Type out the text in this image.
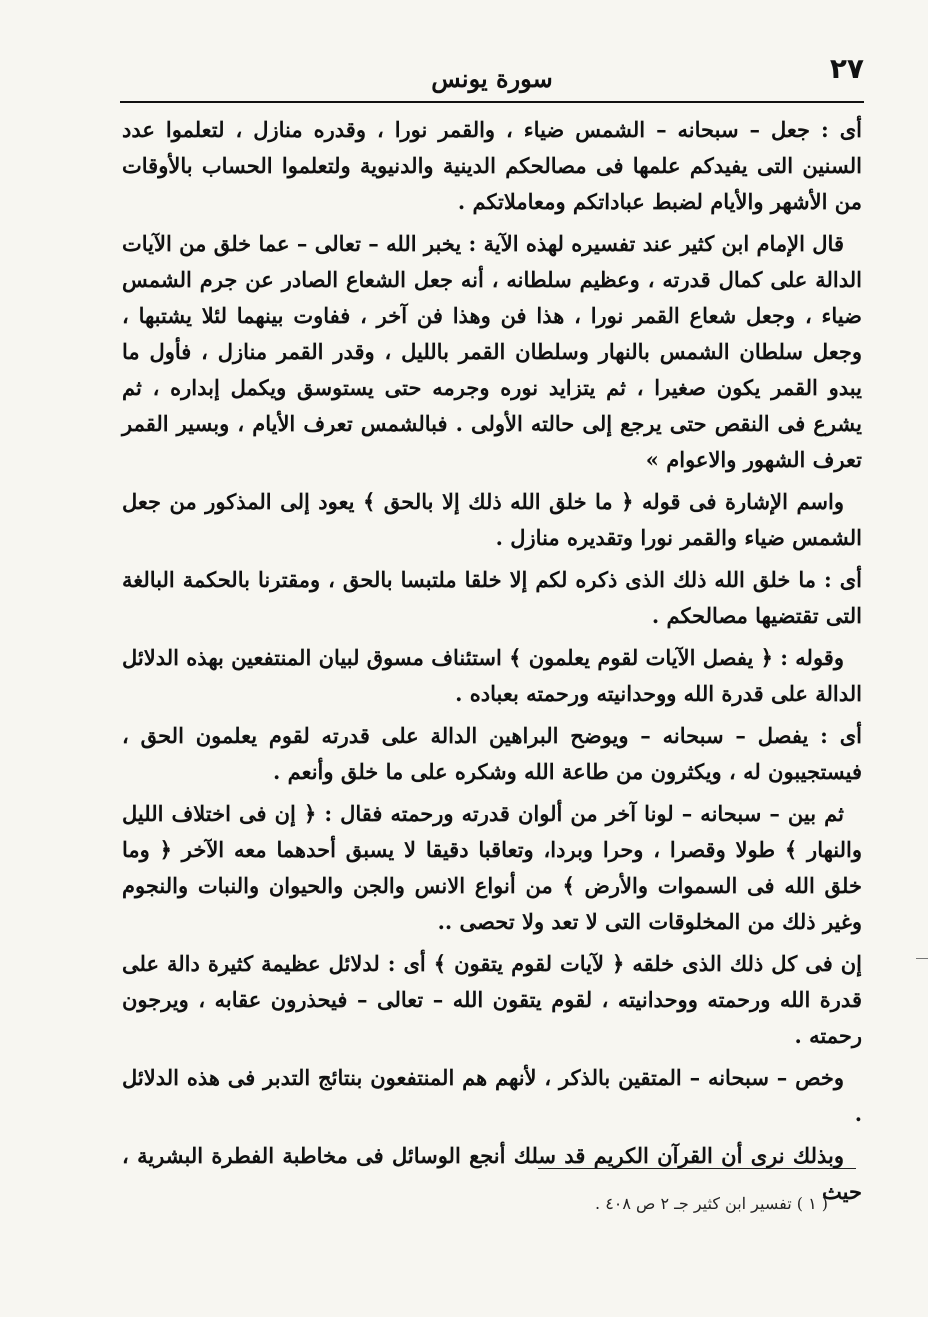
٢٧
سورة يونس

أى : جعل – سبحانه – الشمس ضياء ، والقمر نورا ، وقدره منازل ، لتعلموا عدد السنين التى يفيدكم علمها فى مصالحكم الدينية والدنيوية ولتعلموا الحساب بالأوقات من الأشهر والأيام لضبط عباداتكم ومعاملاتكم .

قال الإمام ابن كثير عند تفسيره لهذه الآية : يخبر الله – تعالى – عما خلق من الآيات الدالة على كمال قدرته ، وعظيم سلطانه ، أنه جعل الشعاع الصادر عن جرم الشمس ضياء ، وجعل شعاع القمر نورا ، هذا فن وهذا فن آخر ، ففاوت بينهما لئلا يشتبها ، وجعل سلطان الشمس بالنهار وسلطان القمر بالليل ، وقدر القمر منازل ، فأول ما يبدو القمر يكون صغيرا ، ثم يتزايد نوره وجرمه حتى يستوسق ويكمل إبداره ، ثم يشرع فى النقص حتى يرجع إلى حالته الأولى . فبالشمس تعرف الأيام ، وبسير القمر تعرف الشهور والاعوام »

واسم الإشارة فى قوله ﴿ ما خلق الله ذلك إلا بالحق ﴾ يعود إلى المذكور من جعل الشمس ضياء والقمر نورا وتقديره منازل .

أى : ما خلق الله ذلك الذى ذكره لكم إلا خلقا ملتبسا بالحق ، ومقترنا بالحكمة البالغة التى تقتضيها مصالحكم .

وقوله : ﴿ يفصل الآيات لقوم يعلمون ﴾ استئناف مسوق لبيان المنتفعين بهذه الدلائل الدالة على قدرة الله ووحدانيته ورحمته بعباده .

أى : يفصل – سبحانه – ويوضح البراهين الدالة على قدرته لقوم يعلمون الحق ، فيستجيبون له ، ويكثرون من طاعة الله وشكره على ما خلق وأنعم .

ثم بين – سبحانه – لونا آخر من ألوان قدرته ورحمته فقال : ﴿ إن فى اختلاف الليل والنهار ﴾ طولا وقصرا ، وحرا وبردا، وتعاقبا دقيقا لا يسبق أحدهما معه الآخر ﴿ وما خلق الله فى السموات والأرض ﴾ من أنواع الانس والجن والحيوان والنبات والنجوم وغير ذلك من المخلوقات التى لا تعد ولا تحصى ..

إن فى كل ذلك الذى خلقه ﴿ لآيات لقوم يتقون ﴾ أى : لدلائل عظيمة كثيرة دالة على قدرة الله ورحمته ووحدانيته ، لقوم يتقون الله – تعالى – فيحذرون عقابه ، ويرجون رحمته .

وخص – سبحانه – المتقين بالذكر ، لأنهم هم المنتفعون بنتائج التدبر فى هذه الدلائل .

وبذلك نرى أن القرآن الكريم قد سلك أنجع الوسائل فى مخاطبة الفطرة البشرية ، حيث

( ١ ) تفسير ابن كثير جـ ٢ ص ٤٠٨ .
